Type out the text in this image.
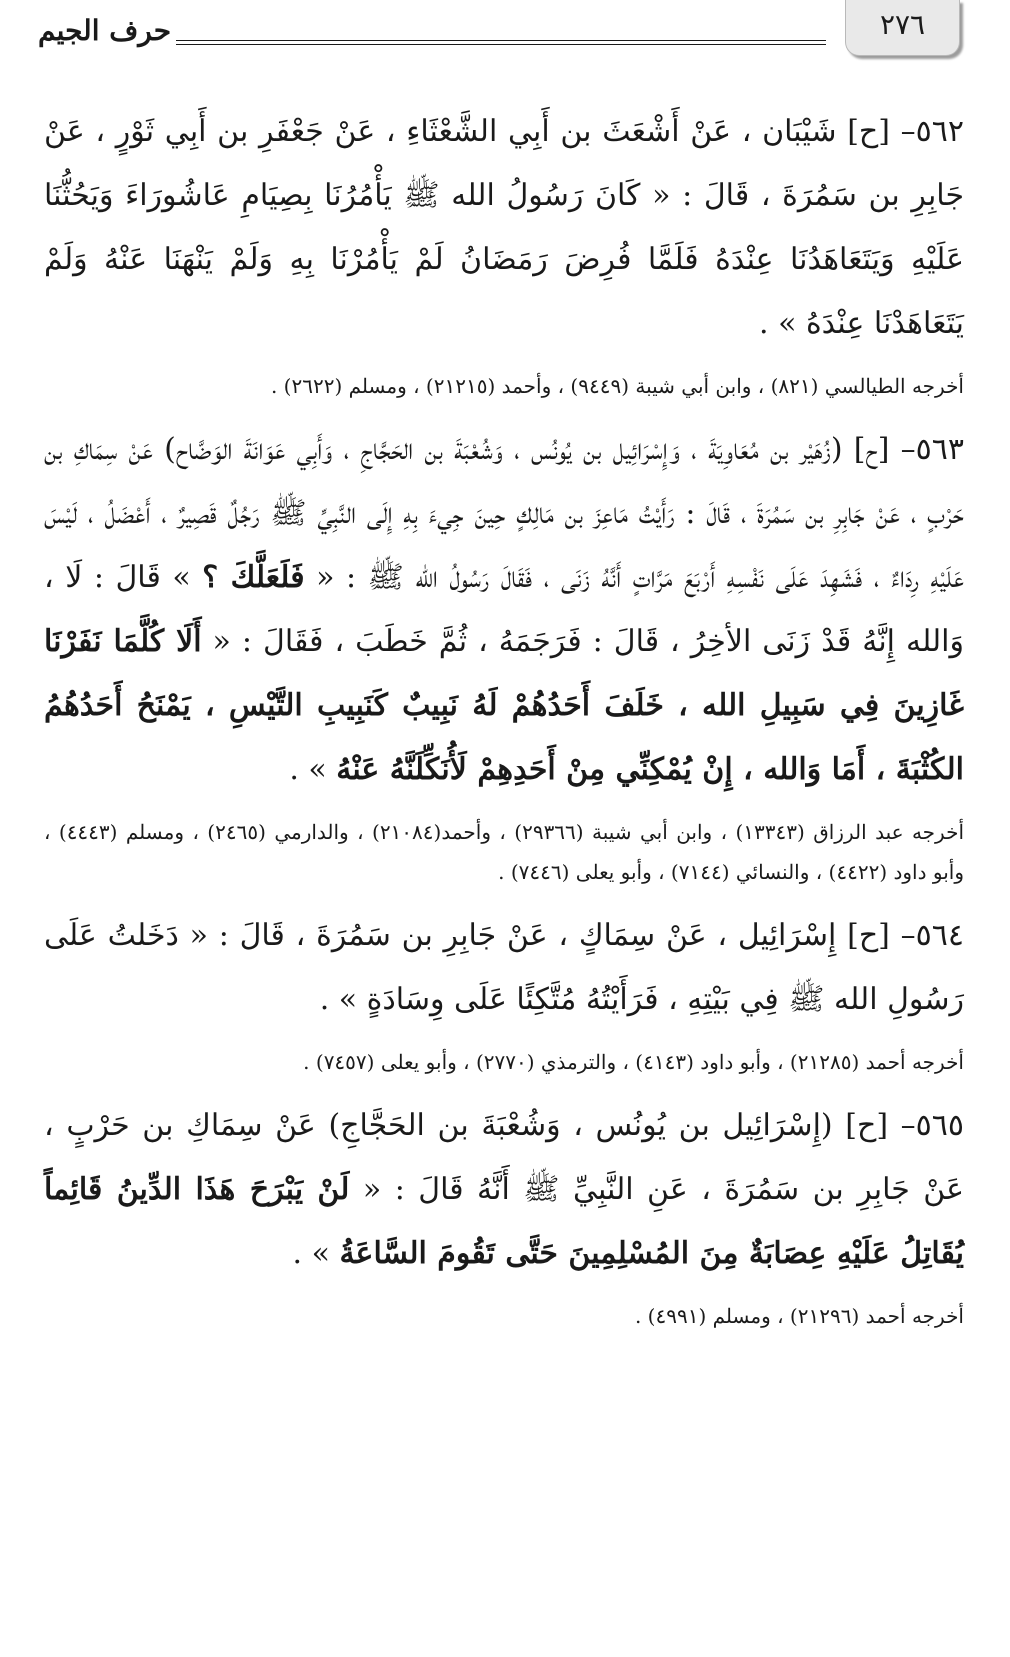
٢٧٦
حرف الجيم

٥٦٢– [ح] شَيْبَان ، عَنْ أَشْعَثَ بن أَبِي الشَّعْثَاءِ ، عَنْ جَعْفَرِ بن أَبِي ثَوْرٍ ، عَنْ جَابِرِ بن سَمُرَةَ ، قَالَ : « كَانَ رَسُولُ الله ﷺ يَأْمُرُنَا بِصِيَامِ عَاشُورَاءَ وَيَحُثُّنَا عَلَيْهِ وَيَتَعَاهَدُنَا عِنْدَهُ فَلَمَّا فُرِضَ رَمَضَانُ لَمْ يَأْمُرْنَا بِهِ وَلَمْ يَنْهَنَا عَنْهُ وَلَمْ يَتَعَاهَدْنَا عِنْدَهُ » .

أخرجه الطيالسي (٨٢١) ، وابن أبي شيبة (٩٤٤٩) ، وأحمد (٢١٢١٥) ، ومسلم (٢٦٢٢) .

٥٦٣– [ح] (زُهَيْر بن مُعَاوِيَةَ ، وَإِسْرَائِيل بن يُونُس ، وَشُعْبَةَ بن الحَجَّاجِ ، وَأَبِي عَوَانَةَ الوَضَّاح) عَنْ سِمَاكِ بن حَرْبٍ ، عَنْ جَابِرِ بن سَمُرَةَ ، قَالَ : رَأَيْتُ مَاعِزَ بن مَالِكٍ حِينَ جِيءَ بِهِ إِلَى النَّبِيِّ ﷺ رَجُلٌ قَصِيرٌ ، أَعْضَلُ ، لَيْسَ عَلَيْهِ رِدَاءٌ ، فَشَهِدَ عَلَى نَفْسِهِ أَرْبَعَ مَرَّاتٍ أَنَّهُ زَنَى ، فَقَالَ رَسُولُ الله ﷺ : « فَلَعَلَّكَ ؟ » قَالَ : لَا ، وَالله إِنَّهُ قَدْ زَنَى الأخِرُ ، قَالَ : فَرَجَمَهُ ، ثُمَّ خَطَبَ ، فَقَالَ : « أَلَا كُلَّمَا نَفَرْنَا غَازِينَ فِي سَبِيلِ الله ، خَلَفَ أَحَدُهُمْ لَهُ نَبِيبٌ كَنَبِيبِ التَّيْسِ ، يَمْنَحُ أَحَدُهُمُ الكُثْبَةَ ، أَمَا وَالله ، إِنْ يُمْكِنِّي مِنْ أَحَدِهِمْ لَأُنَكِّلَنَّهُ عَنْهُ » .

أخرجه عبد الرزاق (١٣٣٤٣) ، وابن أبي شيبة (٢٩٣٦٦) ، وأحمد(٢١٠٨٤) ، والدارمي (٢٤٦٥) ، ومسلم (٤٤٤٣) ، وأبو داود (٤٤٢٢) ، والنسائي (٧١٤٤) ، وأبو يعلى (٧٤٤٦) .

٥٦٤– [ح] إِسْرَائِيل ، عَنْ سِمَاكٍ ، عَنْ جَابِرِ بن سَمُرَةَ ، قَالَ : « دَخَلتُ عَلَى رَسُولِ الله ﷺ فِي بَيْتِهِ ، فَرَأَيْتُهُ مُتَّكِئًا عَلَى وِسَادَةٍ » .

أخرجه أحمد (٢١٢٨٥) ، وأبو داود (٤١٤٣) ، والترمذي (٢٧٧٠) ، وأبو يعلى (٧٤٥٧) .

٥٦٥– [ح] (إِسْرَائِيل بن يُونُس ، وَشُعْبَةَ بن الحَجَّاجِ) عَنْ سِمَاكِ بن حَرْبٍ ، عَنْ جَابِرِ بن سَمُرَةَ ، عَنِ النَّبِيِّ ﷺ أَنَّهُ قَالَ : « لَنْ يَبْرَحَ هَذَا الدِّينُ قَائِماً يُقَاتِلُ عَلَيْهِ عِصَابَةٌ مِنَ المُسْلِمِينَ حَتَّى تَقُومَ السَّاعَةُ » .

أخرجه أحمد (٢١٢٩٦) ، ومسلم (٤٩٩١) .
